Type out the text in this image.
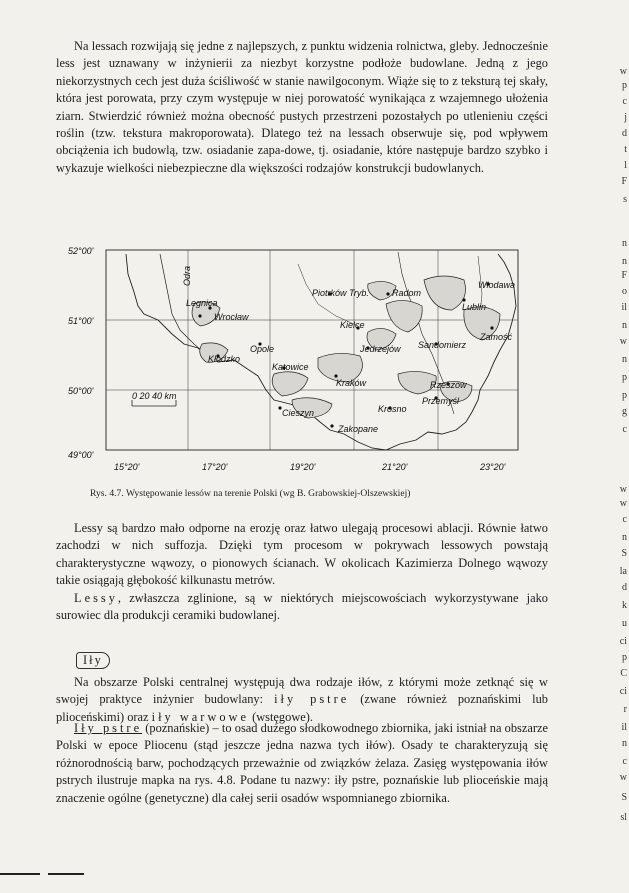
Na lessach rozwijają się jedne z najlepszych, z punktu widzenia rolnictwa, gleby. Jednocześnie less jest uznawany w inżynierii za niezbyt korzystne podłoże budowlane. Jedną z jego niekorzystnych cech jest duża ściśliwość w stanie nawilgoconym. Wiąże się to z teksturą tej skały, która jest porowata, przy czym występuje w niej porowatość wynikająca z wzajemnego ułożenia ziarn. Stwierdzić również można obecność pustych przestrzeni pozostałych po utlenieniu części roślin (tzw. tekstura makroporowata). Dlatego też na lessach obserwuje się, pod wpływem obciążenia ich budowlą, tzw. osiadanie zapa-dowe, tj. osiadanie, które następuje bardzo szybko i wykazuje wielkości niebezpieczne dla większości rodzajów konstrukcji budowlanych.

0 20 40 km
52°00'
51°00'
50°00'
49°00'
15°20'	17°20'	19°20'	21°20'	23°20'
Odra
Legnica
Wrocław
Opole
Kłodzko
Katowice
Kraków
Cieszyn
Zakopane
Krosno
Przemyśl
Rzeszów
Sandomierz
Zamość
Lublin
Radom
Piotrków Tryb.
Włodawa
Kielce
Jedrzejów
Rys. 4.7. Występowanie lessów na terenie Polski (wg B. Grabowskiej-Olszewskiej)

Lessy są bardzo mało odporne na erozję oraz łatwo ulegają procesowi ablacji. Równie łatwo zachodzi w nich suffozja. Dzięki tym procesom w pokrywach lessowych powstają charakterystyczne wąwozy, o pionowych ścianach. W okolicach Kazimierza Dolnego wąwozy takie osiągają głębokość kilkunastu metrów.

Lessy, zwłaszcza zglinione, są w niektórych miejscowościach wykorzystywane jako surowiec dla produkcji ceramiki budowlanej.

Iły

Na obszarze Polski centralnej występują dwa rodzaje iłów, z którymi może zetknąć się w swojej praktyce inżynier budowlany: iły pstre (zwane również poznańskimi lub plioceńskimi) oraz iły warwowe (wstęgowe).

Iły pstre (poznańskie) – to osad dużego słodkowodnego zbiornika, jaki istniał na obszarze Polski w epoce Pliocenu (stąd jeszcze jedna nazwa tych iłów). Osady te charakteryzują się różnorodnością barw, pochodzących przeważnie od związków żelaza. Zasięg występowania iłów pstrych ilustruje mapka na rys. 4.8. Podane tu nazwy: iły pstre, poznańskie lub plioceńskie mają znaczenie ogólne (genetyczne) dla całej serii osadów wspomnianego zbiornika.

w
p
c
j
d
t
l
F
s
n
n
F
o
il
n
w
n
p
p
g
c
w
w
c
n
S
la
d
k
u
ci
p
C
ci
r
il
n
c
w
S
sl
